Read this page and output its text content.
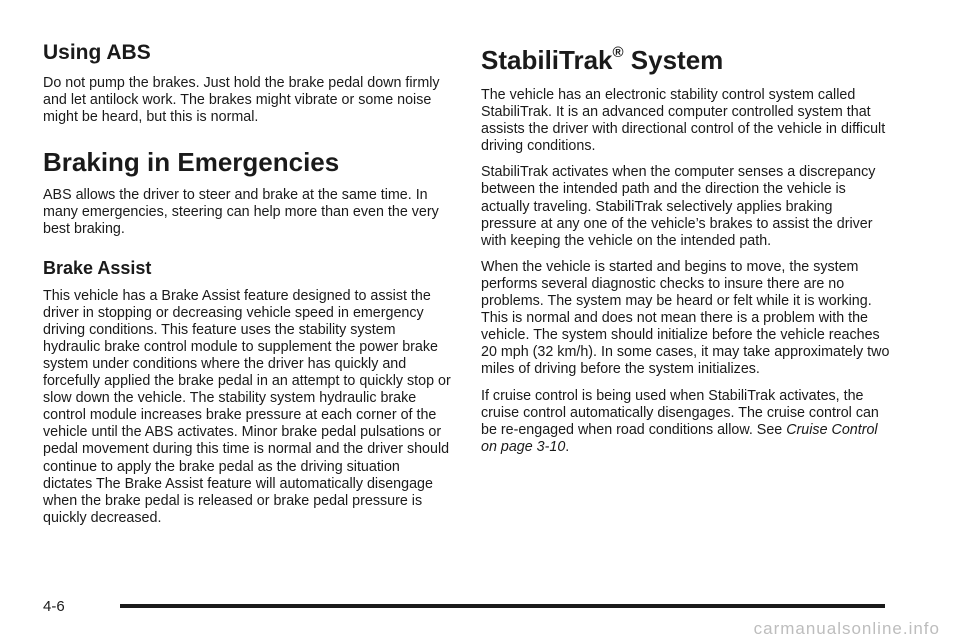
Using ABS

Do not pump the brakes. Just hold the brake pedal down firmly and let antilock work. The brakes might vibrate or some noise might be heard, but this is normal.

Braking in Emergencies

ABS allows the driver to steer and brake at the same time. In many emergencies, steering can help more than even the very best braking.

Brake Assist

This vehicle has a Brake Assist feature designed to assist the driver in stopping or decreasing vehicle speed in emergency driving conditions. This feature uses the stability system hydraulic brake control module to supplement the power brake system under conditions where the driver has quickly and forcefully applied the brake pedal in an attempt to quickly stop or slow down the vehicle. The stability system hydraulic brake control module increases brake pressure at each corner of the vehicle until the ABS activates. Minor brake pedal pulsations or pedal movement during this time is normal and the driver should continue to apply the brake pedal as the driving situation dictates The Brake Assist feature will automatically disengage when the brake pedal is released or brake pedal pressure is quickly decreased.

StabiliTrak® System

The vehicle has an electronic stability control system called StabiliTrak. It is an advanced computer controlled system that assists the driver with directional control of the vehicle in difficult driving conditions.

StabiliTrak activates when the computer senses a discrepancy between the intended path and the direction the vehicle is actually traveling. StabiliTrak selectively applies braking pressure at any one of the vehicle’s brakes to assist the driver with keeping the vehicle on the intended path.

When the vehicle is started and begins to move, the system performs several diagnostic checks to insure there are no problems. The system may be heard or felt while it is working. This is normal and does not mean there is a problem with the vehicle. The system should initialize before the vehicle reaches 20 mph (32 km/h). In some cases, it may take approximately two miles of driving before the system initializes.

If cruise control is being used when StabiliTrak activates, the cruise control automatically disengages. The cruise control can be re-engaged when road conditions allow. See Cruise Control on page 3-10.

4-6
carmanualsonline.info
